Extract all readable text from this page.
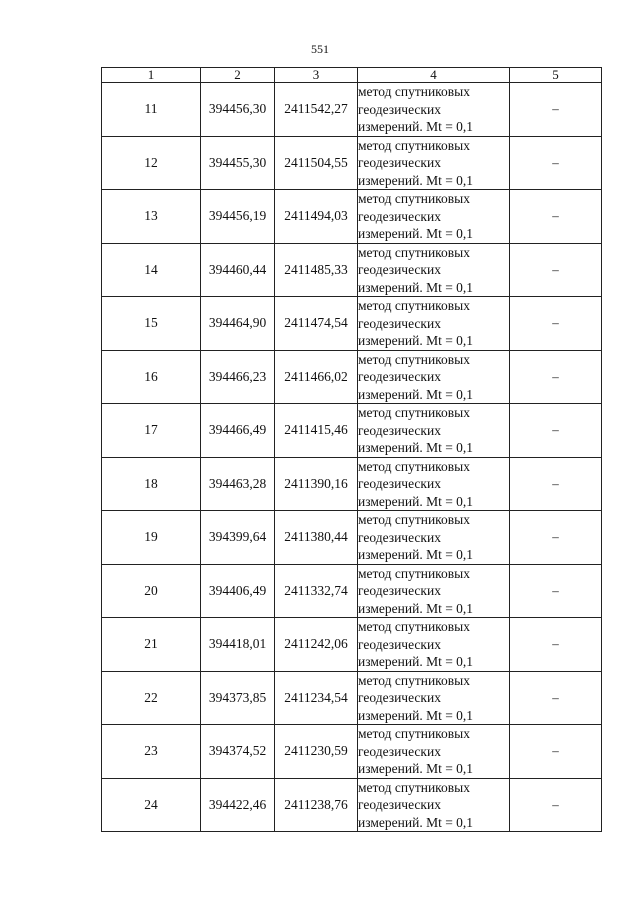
551
1	2	3	4	5
11	394456,30	2411542,27	метод спутниковых
геодезических
измерений. Mt = 0,1	–
12	394455,30	2411504,55	метод спутниковых
геодезических
измерений. Mt = 0,1	–
13	394456,19	2411494,03	метод спутниковых
геодезических
измерений. Mt = 0,1	–
14	394460,44	2411485,33	метод спутниковых
геодезических
измерений. Mt = 0,1	–
15	394464,90	2411474,54	метод спутниковых
геодезических
измерений. Mt = 0,1	–
16	394466,23	2411466,02	метод спутниковых
геодезических
измерений. Mt = 0,1	–
17	394466,49	2411415,46	метод спутниковых
геодезических
измерений. Mt = 0,1	–
18	394463,28	2411390,16	метод спутниковых
геодезических
измерений. Mt = 0,1	–
19	394399,64	2411380,44	метод спутниковых
геодезических
измерений. Mt = 0,1	–
20	394406,49	2411332,74	метод спутниковых
геодезических
измерений. Mt = 0,1	–
21	394418,01	2411242,06	метод спутниковых
геодезических
измерений. Mt = 0,1	–
22	394373,85	2411234,54	метод спутниковых
геодезических
измерений. Mt = 0,1	–
23	394374,52	2411230,59	метод спутниковых
геодезических
измерений. Mt = 0,1	–
24	394422,46	2411238,76	метод спутниковых
геодезических
измерений. Mt = 0,1	–
